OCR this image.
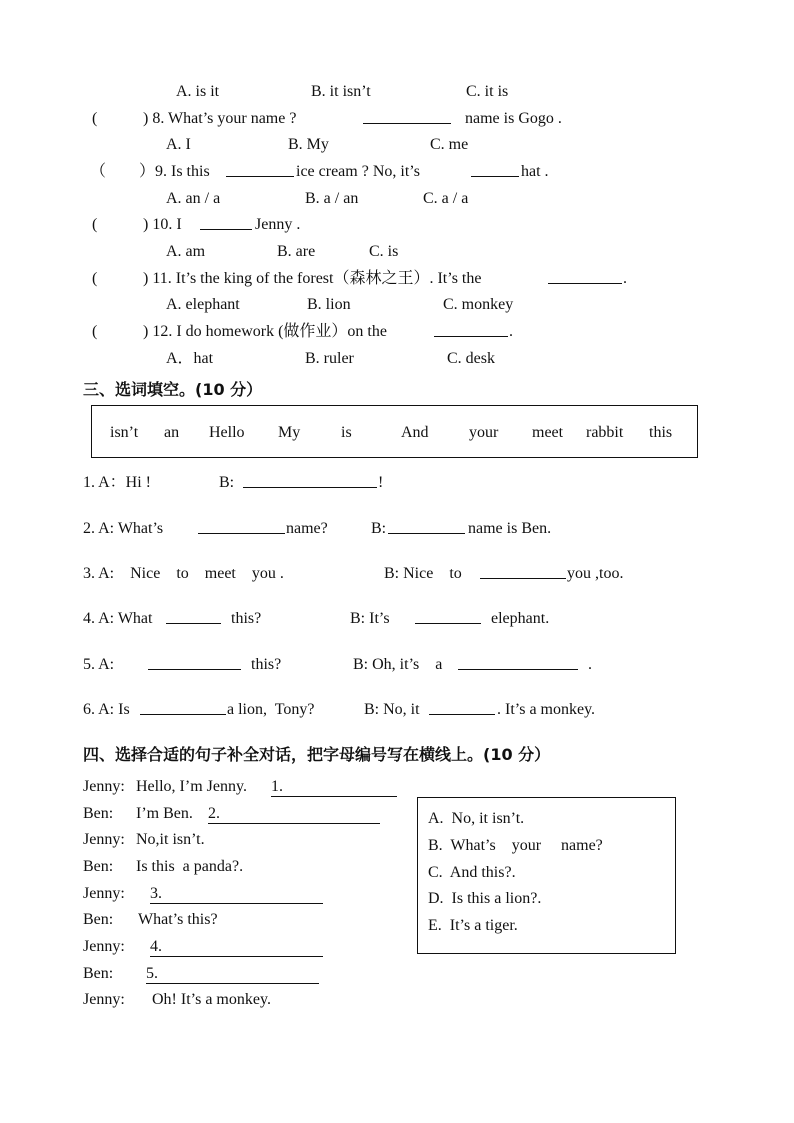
A. is it	B. it isn’t	C. it is
(	) 8. What’s your name ?	name is Gogo .
A. I	B. My	C. me
（ ）9. Is this	ice cream ? No, it’s	hat .
A. an / a	B. a / an	C. a / a
(	) 10. I	Jenny .
A. am	B. are	C. is
(	) 11. It’s the king of the forest（森林之王）. It’s the	.
A. elephant	B. lion	C. monkey
(	) 12. I do homework (做作业）on the	.
A．hat	B. ruler	C. desk
三、选词填空。(10 分）
isn’t an Hello My	is	And	your meet rabbit this
1. A：Hi !	B:	!
2. A: What’s	name?	B:	name is Ben.
3. A:    Nice    to    meet    you .	B: Nice    to	you ,too.
4. A: What	this?	B: It’s	elephant.
5. A:	this?	B: Oh, it’s    a	.
6. A: Is	a lion,  Tony?	B: No, it	. It’s a monkey.
四、选择合适的句子补全对话，把字母编号写在横线上。(10 分）
Jenny: Hello, I’m Jenny. 1.
Ben: I’m Ben. 2.
Jenny: No,it isn’t.
Ben: Is this  a panda?.
Jenny: 3.
Ben: What’s this?
Jenny: 4.
Ben: 5.
Jenny: Oh! It’s a monkey.
A.  No, it isn’t.
B.  What’s    your     name?
C.  And this?.
D.  Is this a lion?.
E.  It’s a tiger.
